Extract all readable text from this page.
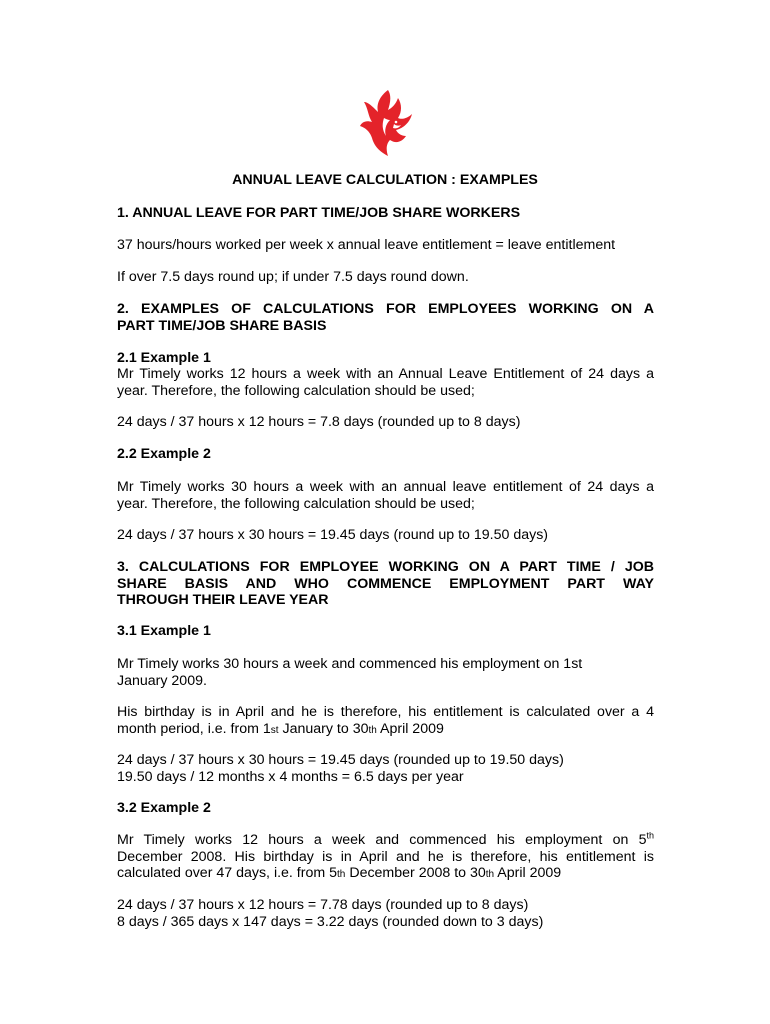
ANNUAL LEAVE CALCULATION : EXAMPLES
1. ANNUAL LEAVE FOR PART TIME/JOB SHARE WORKERS
37 hours/hours worked per week x annual leave entitlement = leave entitlement
If over 7.5 days round up; if under 7.5 days round down.
2. EXAMPLES OF CALCULATIONS FOR EMPLOYEES WORKING ON A
PART TIME/JOB SHARE BASIS
2.1 Example 1
Mr Timely works 12 hours a week with an Annual Leave Entitlement of 24 days a
year. Therefore, the following calculation should be used;
24 days / 37 hours x 12 hours = 7.8 days (rounded up to 8 days)
2.2 Example 2
Mr Timely works 30 hours a week with an annual leave entitlement of 24 days a
year. Therefore, the following calculation should be used;
24 days / 37 hours x 30 hours = 19.45 days (round up to 19.50 days)
3. CALCULATIONS FOR EMPLOYEE WORKING ON A PART TIME / JOB
SHARE BASIS AND WHO COMMENCE EMPLOYMENT PART WAY
THROUGH THEIR LEAVE YEAR
3.1 Example 1
Mr Timely works 30 hours a week and commenced his employment on 1st
January 2009.
His birthday is in April and he is therefore, his entitlement is calculated over a 4
month period, i.e. from 1st January to 30th April 2009
24 days / 37 hours x 30 hours = 19.45 days (rounded up to 19.50 days)
19.50 days / 12 months x 4 months = 6.5 days per year
3.2 Example 2
Mr Timely works 12 hours a week and commenced his employment on 5th
December 2008. His birthday is in April and he is therefore, his entitlement is
calculated over 47 days, i.e. from 5th December 2008 to 30th April 2009
24 days / 37 hours x 12 hours = 7.78 days (rounded up to 8 days)
8 days / 365 days x 147 days = 3.22 days (rounded down to 3 days)
